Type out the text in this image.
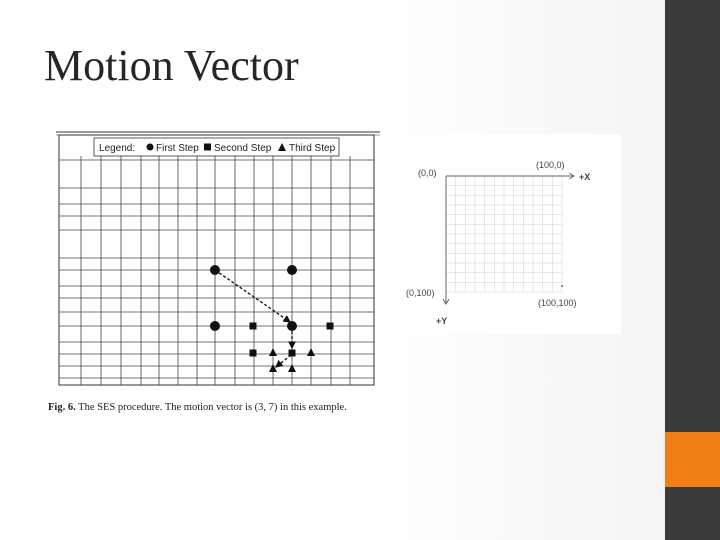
Motion Vector
Legend: First Step Second Step Third Step
Fig. 6. The SES procedure. The motion vector is (3, 7) in this example.
(0,0)
(100,0)
+X
(0,100)
(100,100)
+Y
